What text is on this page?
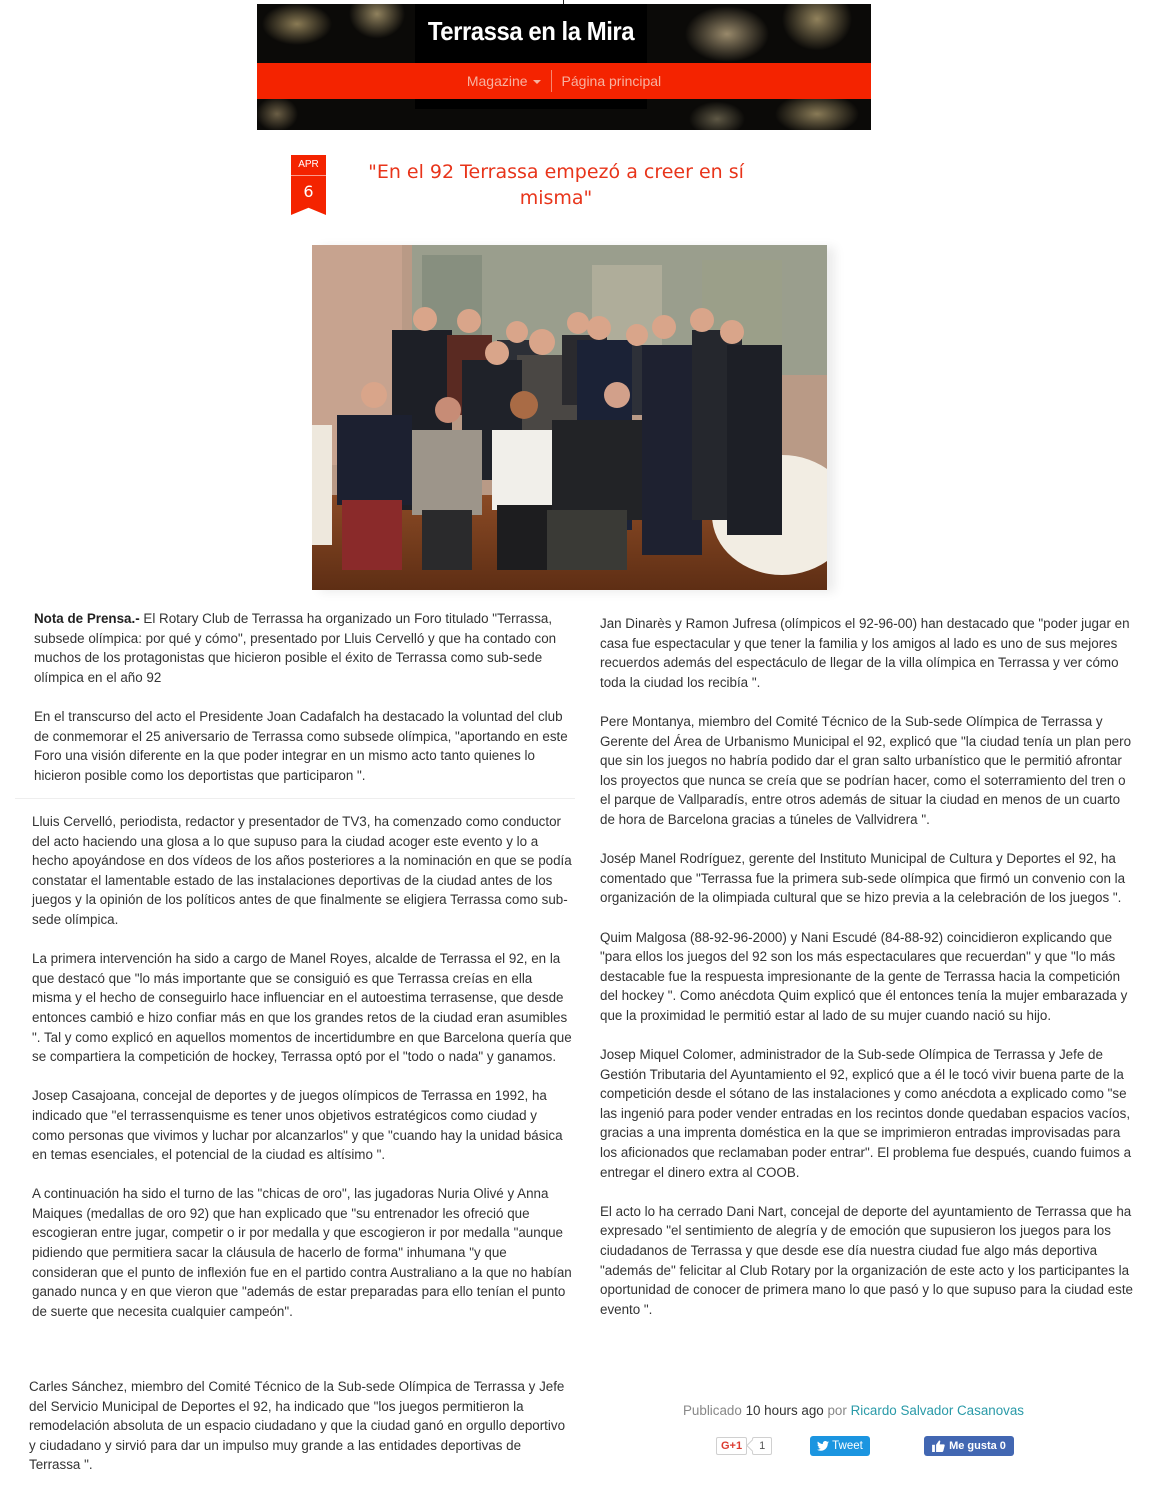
Terrassa en la Mira
Magazine Página principal
APR
6
"En el 92 Terrassa empezó a creer en sí misma"

Nota de Prensa.- El Rotary Club de Terrassa ha organizado un Foro titulado "Terrassa, subsede olímpica: por qué y cómo", presentado por Lluis Cervelló y que ha contado con muchos de los protagonistas que hicieron posible el éxito de Terrassa como sub-sede olímpica en el año 92

En el transcurso del acto el Presidente Joan Cadafalch ha destacado la voluntad del club de conmemorar el 25 aniversario de Terrassa como subsede olímpica, "aportando en este Foro una visión diferente en la que poder integrar en un mismo acto tanto quienes lo hicieron posible como los deportistas que participaron ".

Lluis Cervelló, periodista, redactor y presentador de TV3, ha comenzado como conductor del acto haciendo una glosa a lo que supuso para la ciudad acoger este evento y lo a hecho apoyándose en dos vídeos de los años posteriores a la nominación en que se podía constatar el lamentable estado de las instalaciones deportivas de la ciudad antes de los juegos y la opinión de los políticos antes de que finalmente se eligiera Terrassa como sub-sede olímpica.

La primera intervención ha sido a cargo de Manel Royes, alcalde de Terrassa el 92, en la que destacó que "lo más importante que se consiguió es que Terrassa creías en ella misma y el hecho de conseguirlo hace influenciar en el autoestima terrasense, que desde entonces cambió e hizo confiar más en que los grandes retos de la ciudad eran asumibles ". Tal y como explicó en aquellos momentos de incertidumbre en que Barcelona quería que se compartiera la competición de hockey, Terrassa optó por el "todo o nada" y ganamos.

Josep Casajoana, concejal de deportes y de juegos olímpicos de Terrassa en 1992, ha indicado que "el terrassenquisme es tener unos objetivos estratégicos como ciudad y como personas que vivimos y luchar por alcanzarlos" y que "cuando hay la unidad básica en temas esenciales, el potencial de la ciudad es altísimo ".

A continuación ha sido el turno de las "chicas de oro", las jugadoras Nuria Olivé y Anna Maiques (medallas de oro 92) que han explicado que "su entrenador les ofreció que escogieran entre jugar, competir o ir por medalla y que escogieron ir por medalla "aunque pidiendo que permitiera sacar la cláusula de hacerlo de forma" inhumana "y que consideran que el punto de inflexión fue en el partido contra Australiano a la que no habían ganado nunca y en que vieron que "además de estar preparadas para ello tenían el punto de suerte que necesita cualquier campeón".

Carles Sánchez, miembro del Comité Técnico de la Sub-sede Olímpica de Terrassa y Jefe del Servicio Municipal de Deportes el 92, ha indicado que "los juegos permitieron la remodelación absoluta de un espacio ciudadano y que la ciudad ganó en orgullo deportivo y ciudadano y sirvió para dar un impulso muy grande a las entidades deportivas de Terrassa ".

Jan Dinarès y Ramon Jufresa (olímpicos el 92-96-00) han destacado que "poder jugar en casa fue espectacular y que tener la familia y los amigos al lado es uno de sus mejores recuerdos además del espectáculo de llegar de la villa olímpica en Terrassa y ver cómo toda la ciudad los recibía ".

Pere Montanya, miembro del Comité Técnico de la Sub-sede Olímpica de Terrassa y Gerente del Área de Urbanismo Municipal el 92, explicó que "la ciudad tenía un plan pero que sin los juegos no habría podido dar el gran salto urbanístico que le permitió afrontar los proyectos que nunca se creía que se podrían hacer, como el soterramiento del tren o el parque de Vallparadís, entre otros además de situar la ciudad en menos de un cuarto de hora de Barcelona gracias a túneles de Vallvidrera ".

Josép Manel Rodríguez, gerente del Instituto Municipal de Cultura y Deportes el 92, ha comentado que "Terrassa fue la primera sub-sede olímpica que firmó un convenio con la organización de la olimpiada cultural que se hizo previa a la celebración de los juegos ".

Quim Malgosa (88-92-96-2000) y Nani Escudé (84-88-92) coincidieron explicando que "para ellos los juegos del 92 son los más espectaculares que recuerdan" y que "lo más destacable fue la respuesta impresionante de la gente de Terrassa hacia la competición del hockey ". Como anécdota Quim explicó que él entonces tenía la mujer embarazada y que la proximidad le permitió estar al lado de su mujer cuando nació su hijo.

Josep Miquel Colomer, administrador de la Sub-sede Olímpica de Terrassa y Jefe de Gestión Tributaria del Ayuntamiento el 92, explicó que a él le tocó vivir buena parte de la competición desde el sótano de las instalaciones y como anécdota a explicado como "se las ingenió para poder vender entradas en los recintos donde quedaban espacios vacíos, gracias a una imprenta doméstica en la que se imprimieron entradas improvisadas para los aficionados que reclamaban poder entrar". El problema fue después, cuando fuimos a entregar el dinero extra al COOB.

El acto lo ha cerrado Dani Nart, concejal de deporte del ayuntamiento de Terrassa que ha expresado "el sentimiento de alegría y de emoción que supusieron los juegos para los ciudadanos de Terrassa y que desde ese día nuestra ciudad fue algo más deportiva "además de" felicitar al Club Rotary por la organización de este acto y los participantes la oportunidad de conocer de primera mano lo que pasó y lo que supuso para la ciudad este evento ".

Publicado 10 hours ago por Ricardo Salvador Casanovas
G+1	1	Tweet	Me gusta 0
